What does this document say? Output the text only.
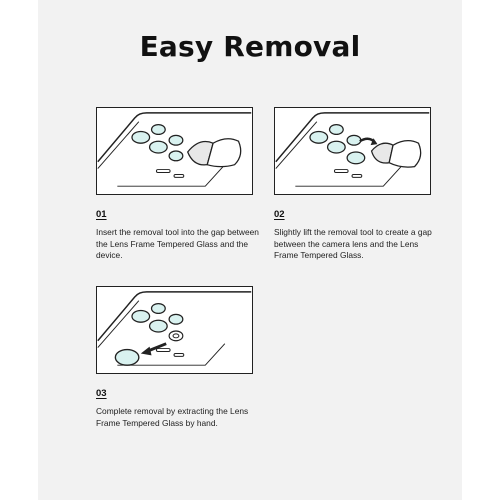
Easy Removal
01
Insert the removal tool into the gap between the Lens Frame Tempered Glass and the device.
02
Slightly lift the removal tool to create a gap between the camera lens and the Lens Frame Tempered Glass.
03
Complete removal by extracting the Lens Frame Tempered Glass by hand.
